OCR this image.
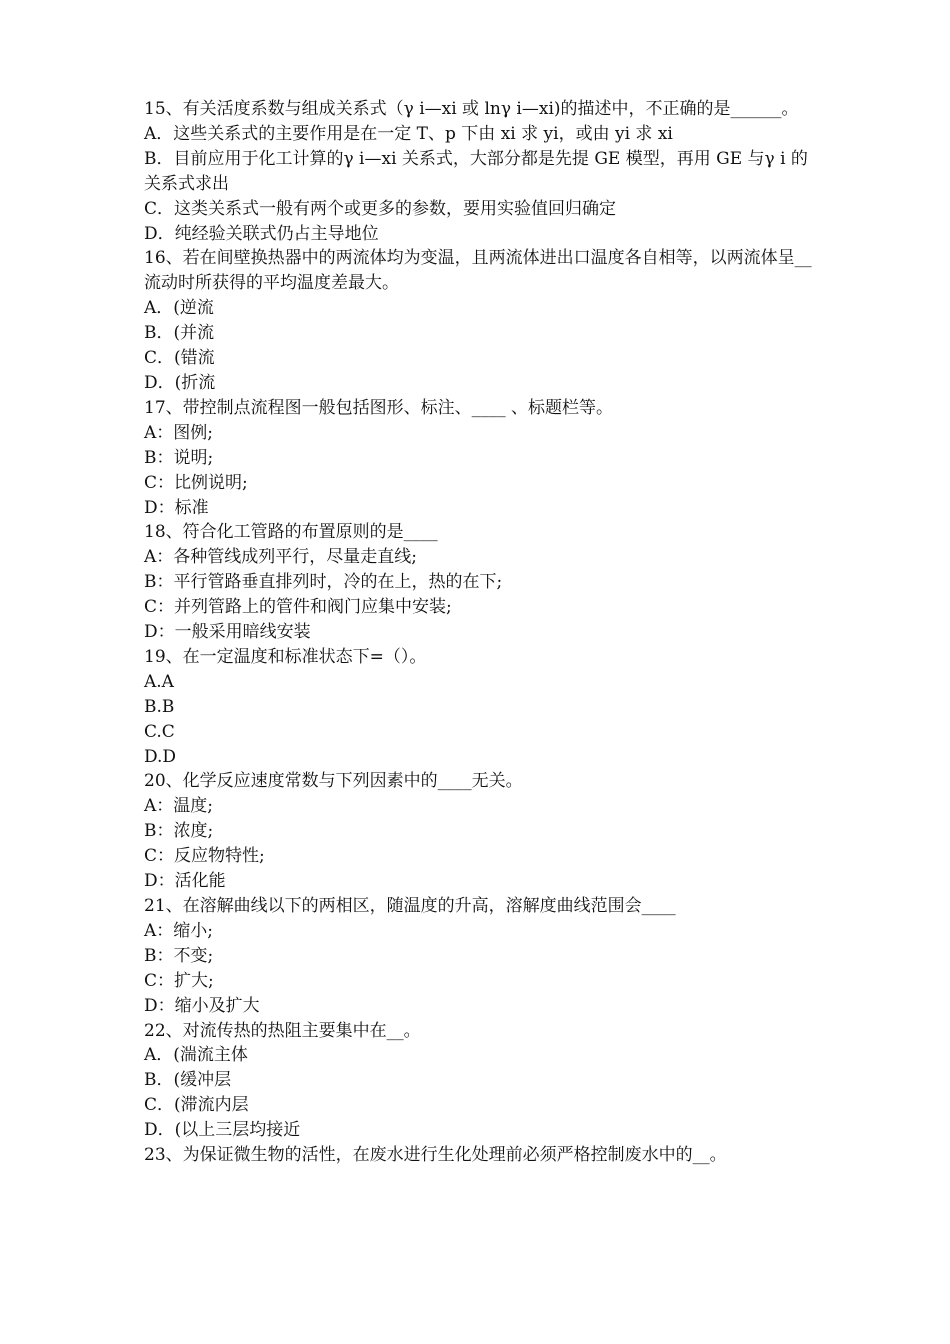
15、有关活度系数与组成关系式（γ i—xi 或 lnγ i—xi)的描述中，不正确的是______。

A．这些关系式的主要作用是在一定 T、p 下由 xi 求 yi，或由 yi 求 xi

B．目前应用于化工计算的γ i—xi 关系式，大部分都是先提 GE 模型，再用 GE 与γ i 的关系式求出

C．这类关系式一般有两个或更多的参数，要用实验值回归确定

D．纯经验关联式仍占主导地位

16、若在间壁换热器中的两流体均为变温，且两流体进出口温度各自相等，以两流体呈__流动时所获得的平均温度差最大。

A．(逆流

B．(并流

C．(错流

D．(折流

17、带控制点流程图一般包括图形、标注、____ 、标题栏等。

A：图例;

B：说明;

C：比例说明;

D：标准

18、符合化工管路的布置原则的是____

A：各种管线成列平行，尽量走直线;

B：平行管路垂直排列时，冷的在上，热的在下;

C：并列管路上的管件和阀门应集中安装;

D：一般采用暗线安装

19、在一定温度和标准状态下=（）。

A.A

B.B

C.C

D.D

20、化学反应速度常数与下列因素中的____无关。

A：温度;

B：浓度;

C：反应物特性;

D：活化能

21、在溶解曲线以下的两相区，随温度的升高，溶解度曲线范围会____

A：缩小;

B：不变;

C：扩大;

D：缩小及扩大

22、对流传热的热阻主要集中在__。

A．(湍流主体

B．(缓冲层

C．(滞流内层

D．(以上三层均接近

23、为保证微生物的活性，在废水进行生化处理前必须严格控制废水中的__。
